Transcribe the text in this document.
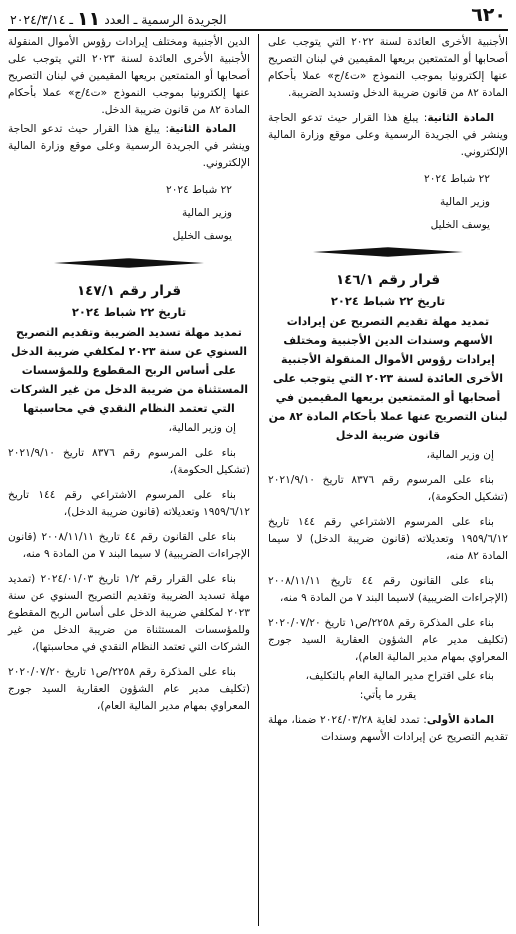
٦٢٠
الجريدة الرسمية ـ العدد ١١ ـ ٢٠٢٤/٣/١٤

الأجنبية الأخرى العائدة لسنة ٢٠٢٢ التي يتوجب على أصحابها أو المتمتعين بريعها المقيمين في لبنان التصريح عنها إلكترونيا بموجب النموذج «ت٤/ج» عملا بأحكام المادة ٨٢ من قانون ضريبة الدخل وتسديد الضريبة.

المادة الثانية: يبلغ هذا القرار حيث تدعو الحاجة وينشر في الجريدة الرسمية وعلى موقع وزارة المالية الإلكتروني.

٢٢ شباط ٢٠٢٤

وزير المالية

يوسف الخليل

قرار رقم ١٤٦/١

تاريخ ٢٢ شباط ٢٠٢٤

تمديد مهلة تقديم التصريح عن إيرادات الأسهم وسندات الدين الأجنبية ومختلف إيرادات رؤوس الأموال المنقولة الأجنبية الأخرى العائدة لسنة ٢٠٢٣ التي يتوجب على أصحابها أو المتمتعين بريعها المقيمين في لبنان التصريح عنها عملا بأحكام المادة ٨٢ من قانون ضريبة الدخل

إن وزير المالية،

بناء على المرسوم رقم ٨٣٧٦ تاريخ ٢٠٢١/٩/١٠ (تشكيل الحكومة)،

بناء على المرسوم الاشتراعي رقم ١٤٤ تاريخ ١٩٥٩/٦/١٢ وتعديلاته (قانون ضريبة الدخل) لا سيما المادة ٨٢ منه،

بناء على القانون رقم ٤٤ تاريخ ٢٠٠٨/١١/١١ (الإجراءات الضريبية) لاسيما البند ٧ من المادة ٩ منه،

بناء على المذكرة رقم ٢٢٥٨/ص١ تاريخ ٢٠٢٠/٠٧/٢٠ (تكليف مدير عام الشؤون العقارية السيد جورج المعراوي بمهام مدير المالية العام)،

بناء على اقتراح مدير المالية العام بالتكليف،

يقرر ما يأتي:

المادة الأولى: تمدد لغاية ٢٠٢٤/٠٣/٢٨ ضمنا، مهلة تقديم التصريح عن إيرادات الأسهم وسندات

الدين الأجنبية ومختلف إيرادات رؤوس الأموال المنقولة الأجنبية الأخرى العائدة لسنة ٢٠٢٣ التي يتوجب على أصحابها أو المتمتعين بريعها المقيمين في لبنان التصريح عنها إلكترونيا بموجب النموذج «ت٤/ج» عملا بأحكام المادة ٨٢ من قانون ضريبة الدخل.

المادة الثانية: يبلغ هذا القرار حيث تدعو الحاجة وينشر في الجريدة الرسمية وعلى موقع وزارة المالية الإلكتروني.

٢٢ شباط ٢٠٢٤

وزير المالية

يوسف الخليل

قرار رقم ١٤٧/١

تاريخ ٢٢ شباط ٢٠٢٤

تمديد مهلة تسديد الضريبة وتقديم التصريح السنوي عن سنة ٢٠٢٣ لمكلفي ضريبة الدخل على أساس الربح المقطوع وللمؤسسات المستثناة من ضريبة الدخل من غير الشركات التي تعتمد النظام النقدي في محاسبتها

إن وزير المالية،

بناء على المرسوم رقم ٨٣٧٦ تاريخ ٢٠٢١/٩/١٠ (تشكيل الحكومة)،

بناء على المرسوم الاشتراعي رقم ١٤٤ تاريخ ١٩٥٩/٦/١٢ وتعديلاته (قانون ضريبة الدخل)،

بناء على القانون رقم ٤٤ تاريخ ٢٠٠٨/١١/١١ (قانون الإجراءات الضريبية) لا سيما البند ٧ من المادة ٩ منه،

بناء على القرار رقم ١/٢ تاريخ ٢٠٢٤/٠١/٠٣ (تمديد مهلة تسديد الضريبة وتقديم التصريح السنوي عن سنة ٢٠٢٣ لمكلفي ضريبة الدخل على أساس الربح المقطوع وللمؤسسات المستثناة من ضريبة الدخل من غير الشركات التي تعتمد النظام النقدي في محاسبتها)،

بناء على المذكرة رقم ٢٢٥٨/ص١ تاريخ ٢٠٢٠/٠٧/٢٠ (تكليف مدير عام الشؤون العقارية السيد جورج المعراوي بمهام مدير المالية العام)،
